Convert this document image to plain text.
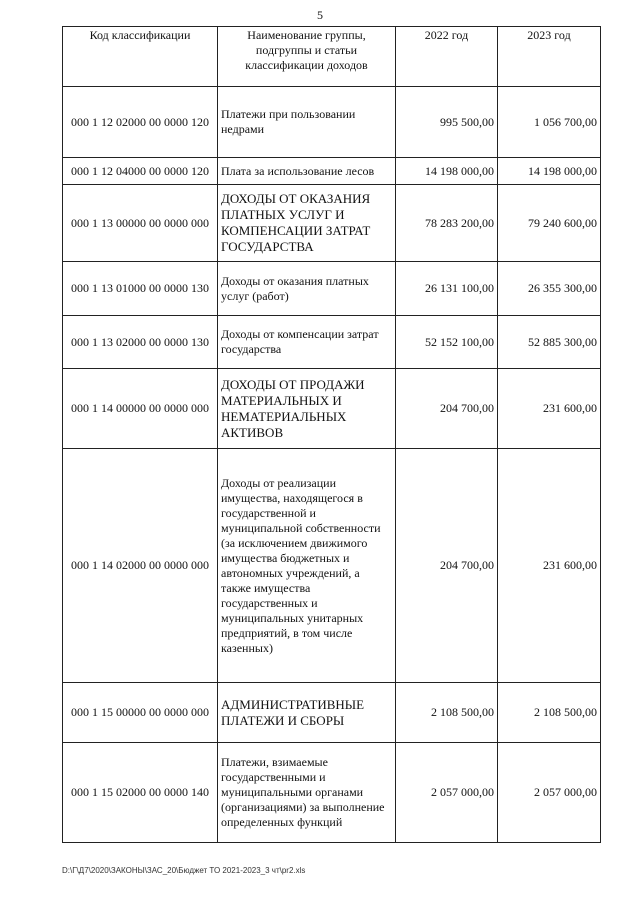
5
Код классификации	Наименование группы, подгруппы и статьи классификации доходов	2022 год	2023 год
000 1 12 02000 00 0000 120	Платежи при пользовании недрами	995 500,00	1 056 700,00
000 1 12 04000 00 0000 120	Плата за использование лесов	14 198 000,00	14 198 000,00
000 1 13 00000 00 0000 000	ДОХОДЫ ОТ ОКАЗАНИЯ ПЛАТНЫХ УСЛУГ И КОМПЕНСАЦИИ ЗАТРАТ ГОСУДАРСТВА	78 283 200,00	79 240 600,00
000 1 13 01000 00 0000 130	Доходы от оказания платных услуг (работ)	26 131 100,00	26 355 300,00
000 1 13 02000 00 0000 130	Доходы от компенсации затрат государства	52 152 100,00	52 885 300,00
000 1 14 00000 00 0000 000	ДОХОДЫ ОТ ПРОДАЖИ МАТЕРИАЛЬНЫХ И НЕМАТЕРИАЛЬНЫХ АКТИВОВ	204 700,00	231 600,00
000 1 14 02000 00 0000 000	Доходы от реализации имущества, находящегося в государственной и муниципальной собственности (за исключением движимого имущества бюджетных и автономных учреждений, а также имущества государственных и муниципальных унитарных предприятий, в том числе казенных)	204 700,00	231 600,00
000 1 15 00000 00 0000 000	АДМИНИСТРАТИВНЫЕ ПЛАТЕЖИ И СБОРЫ	2 108 500,00	2 108 500,00
000 1 15 02000 00 0000 140	Платежи, взимаемые государственными и муниципальными органами (организациями) за выполнение определенных функций	2 057 000,00	2 057 000,00
D:\Г\Д7\2020\ЗАКОНЫ\ЗАС_20\Бюджет ТО 2021-2023_3 чт\pr2.xls
